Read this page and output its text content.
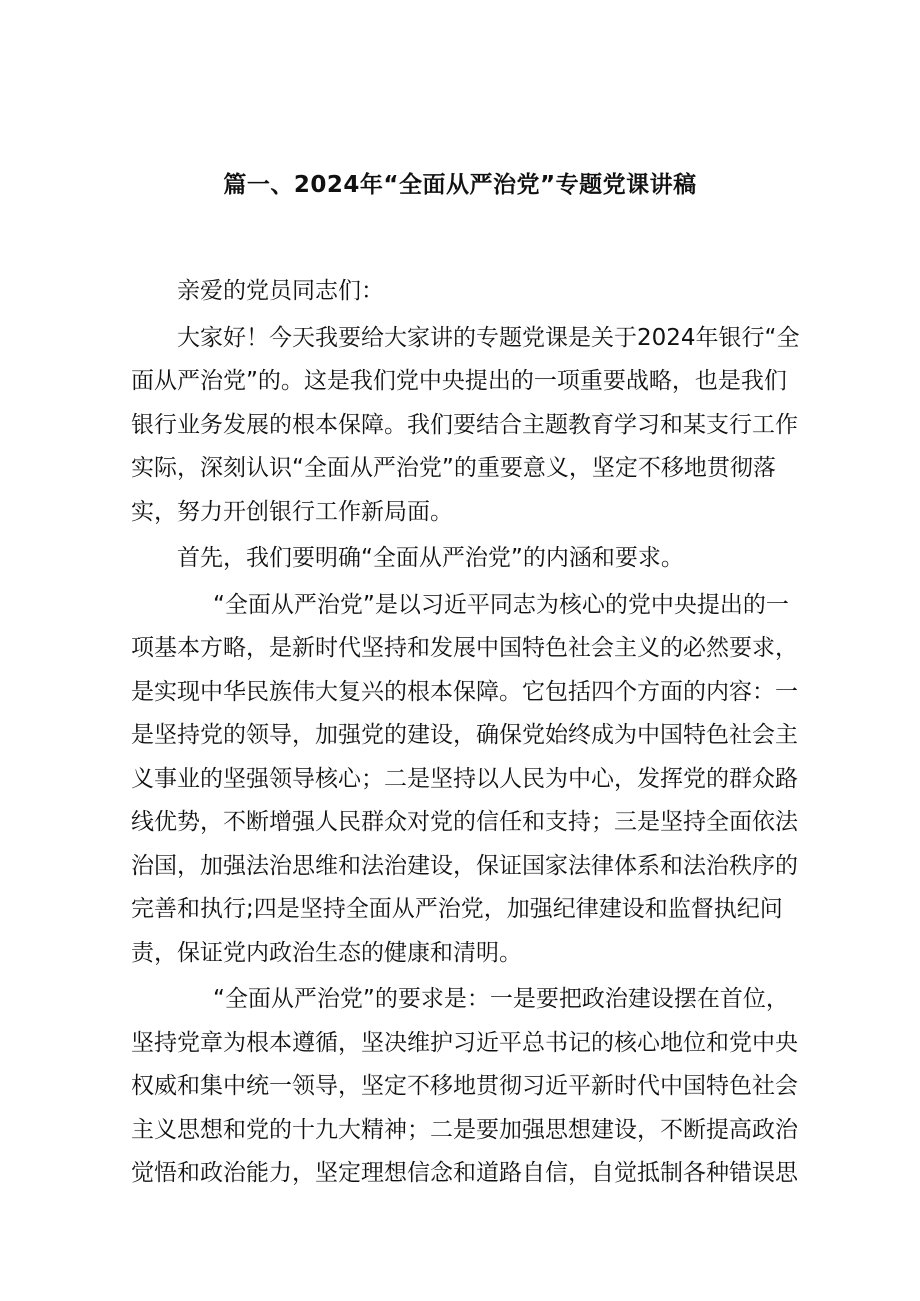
篇一、2024年“全面从严治党”专题党课讲稿
亲爱的党员同志们：
大家好！今天我要给大家讲的专题党课是关于2024年银行“全
面从严治党”的。这是我们党中央提出的一项重要战略，也是我们
银行业务发展的根本保障。我们要结合主题教育学习和某支行工作
实际，深刻认识“全面从严治党”的重要意义，坚定不移地贯彻落
实，努力开创银行工作新局面。
首先，我们要明确“全面从严治党”的内涵和要求。
“全面从严治党”是以习近平同志为核心的党中央提出的一
项基本方略，是新时代坚持和发展中国特色社会主义的必然要求，
是实现中华民族伟大复兴的根本保障。它包括四个方面的内容：一
是坚持党的领导，加强党的建设，确保党始终成为中国特色社会主
义事业的坚强领导核心；二是坚持以人民为中心，发挥党的群众路
线优势，不断增强人民群众对党的信任和支持；三是坚持全面依法
治国，加强法治思维和法治建设，保证国家法律体系和法治秩序的
完善和执行;四是坚持全面从严治党，加强纪律建设和监督执纪问
责，保证党内政治生态的健康和清明。
“全面从严治党”的要求是：一是要把政治建设摆在首位，
坚持党章为根本遵循，坚决维护习近平总书记的核心地位和党中央
权威和集中统一领导，坚定不移地贯彻习近平新时代中国特色社会
主义思想和党的十九大精神；二是要加强思想建设，不断提高政治
觉悟和政治能力，坚定理想信念和道路自信，自觉抵制各种错误思
